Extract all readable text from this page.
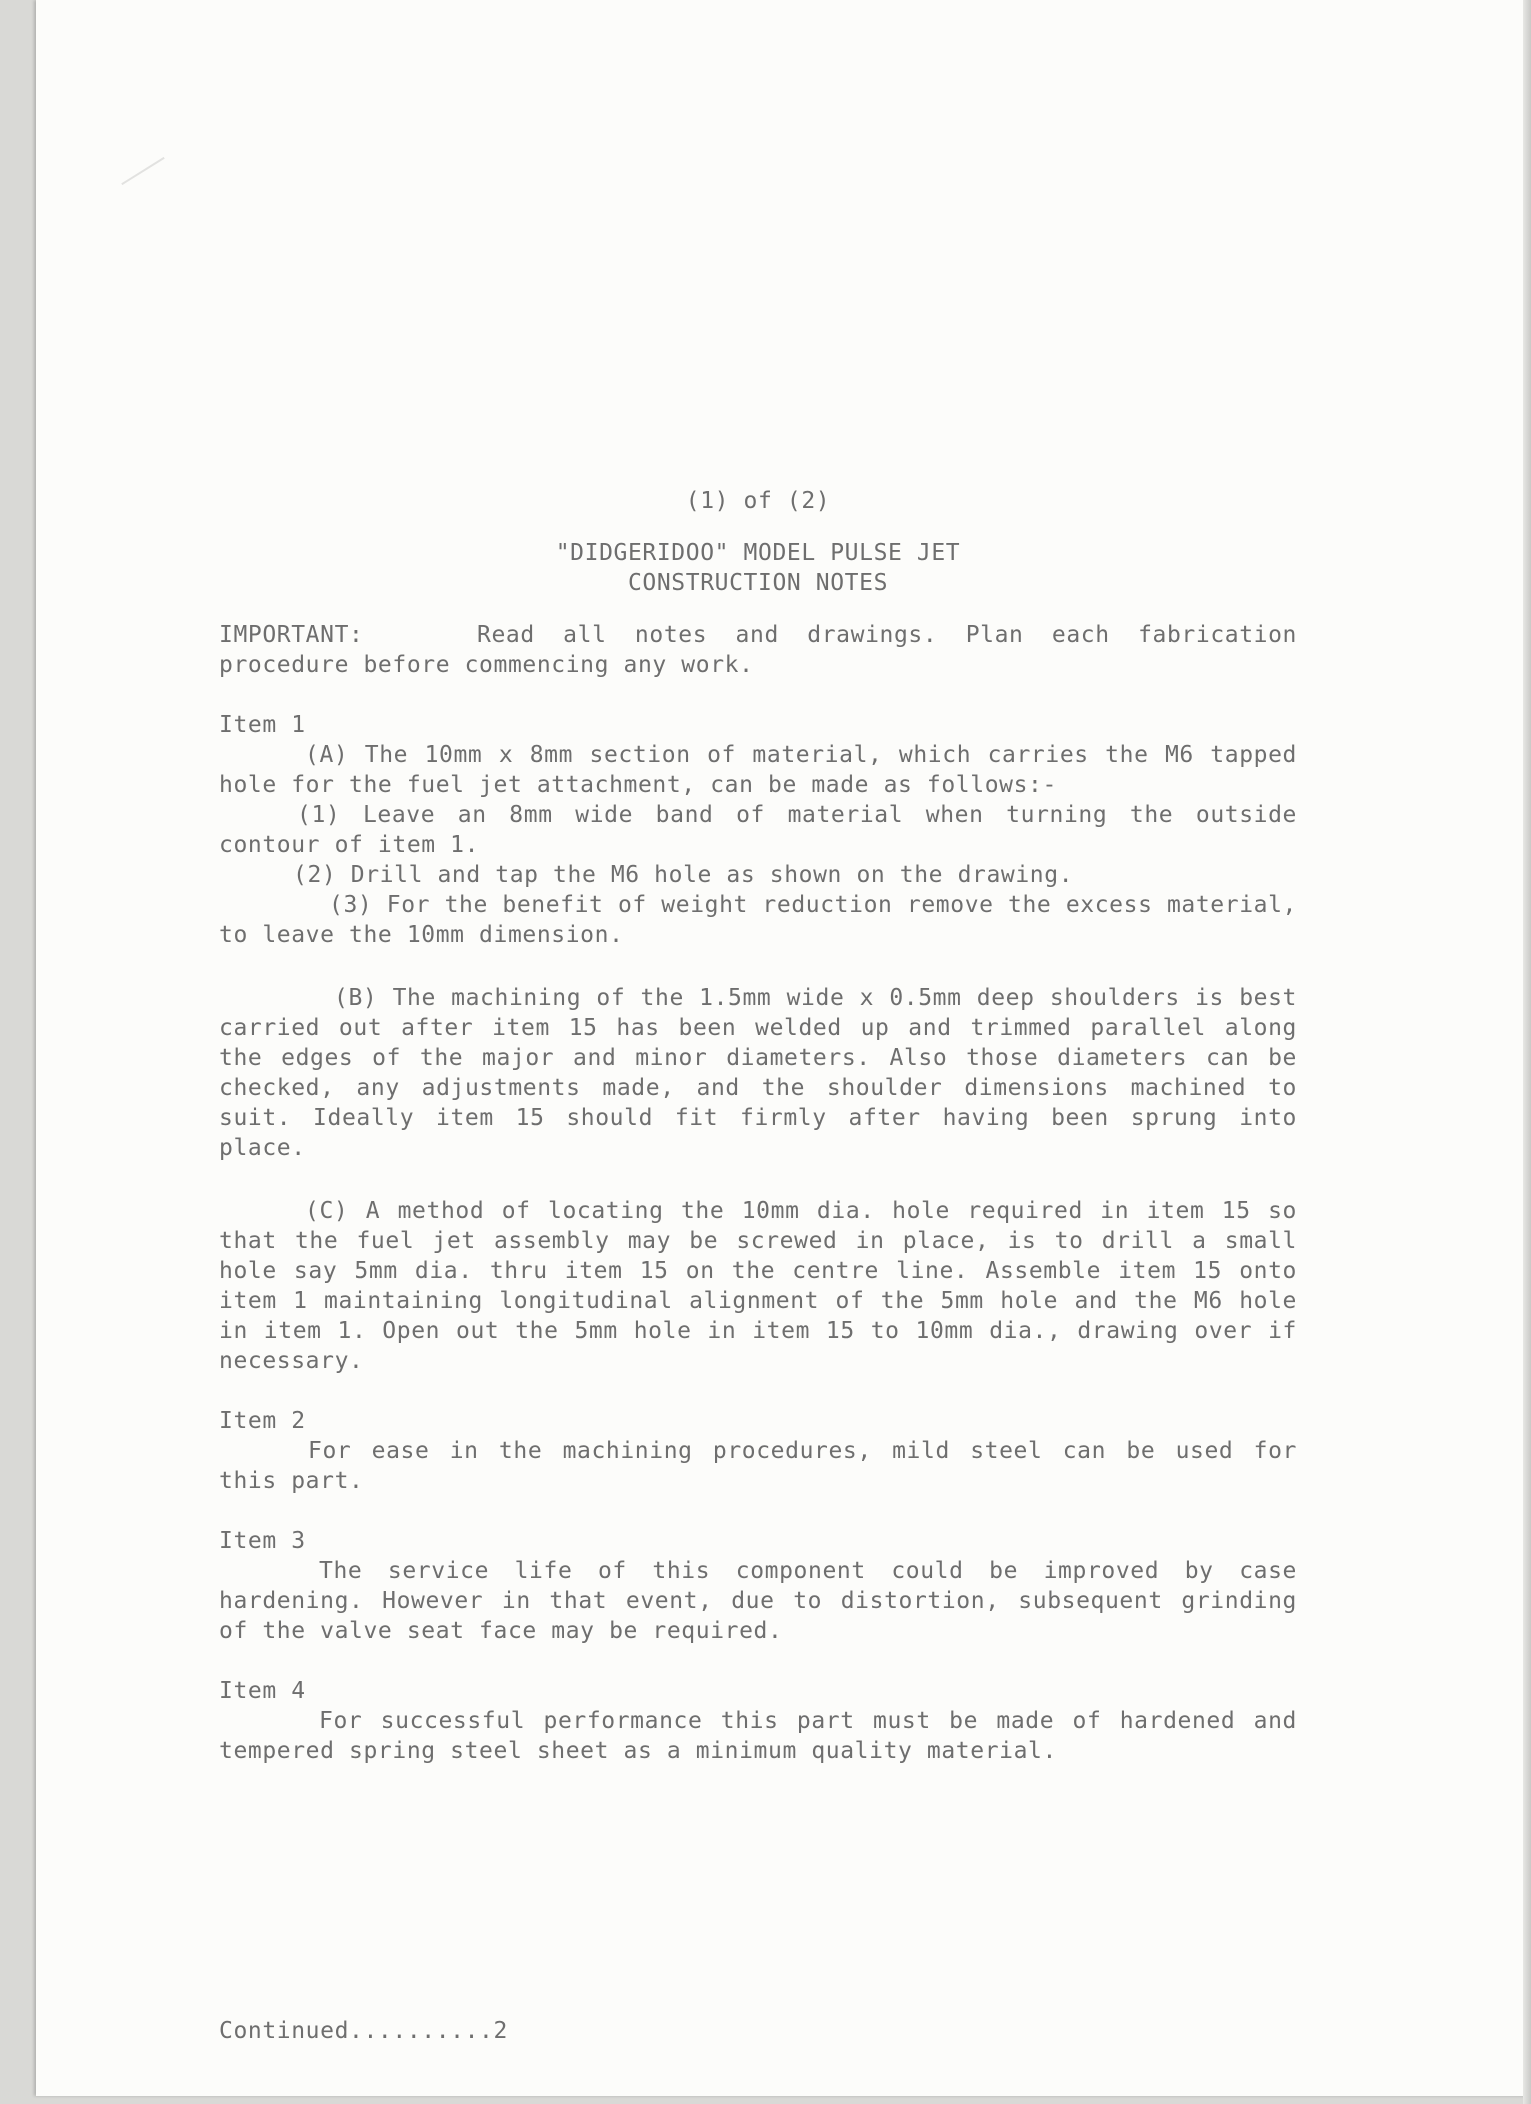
(1) of (2)
"DIDGERIDOO" MODEL PULSE JET
CONSTRUCTION NOTES

IMPORTANT:	Read all notes and drawings. Plan each fabrication procedure before commencing any work.

Item 1

(A) The 10mm x 8mm section of material, which carries the M6 tapped hole for the fuel jet attachment, can be made as follows:-

(1) Leave an 8mm wide band of material when turning the outside contour of item 1.

(2) Drill and tap the M6 hole as shown on the drawing.

(3) For the benefit of weight reduction remove the excess material, to leave the 10mm dimension.

(B) The machining of the 1.5mm wide x 0.5mm deep shoulders is best carried out after item 15 has been welded up and trimmed parallel along the edges of the major and minor diameters. Also those diameters can be checked, any adjustments made, and the shoulder dimensions machined to suit. Ideally item 15 should fit firmly after having been sprung into place.

(C) A method of locating the 10mm dia. hole required in item 15 so that the fuel jet assembly may be screwed in place, is to drill a small hole say 5mm dia. thru item 15 on the centre line. Assemble item 15 onto item 1 maintaining longitudinal alignment of the 5mm hole and the M6 hole in item 1. Open out the 5mm hole in item 15 to 10mm dia., drawing over if necessary.

Item 2

For ease in the machining procedures, mild steel can be used for this part.

Item 3

The service life of this component could be improved by case hardening. However in that event, due to distortion, subsequent grinding of the valve seat face may be required.

Item 4

For successful performance this part must be made of hardened and tempered spring steel sheet as a minimum quality material.

Continued..........2
